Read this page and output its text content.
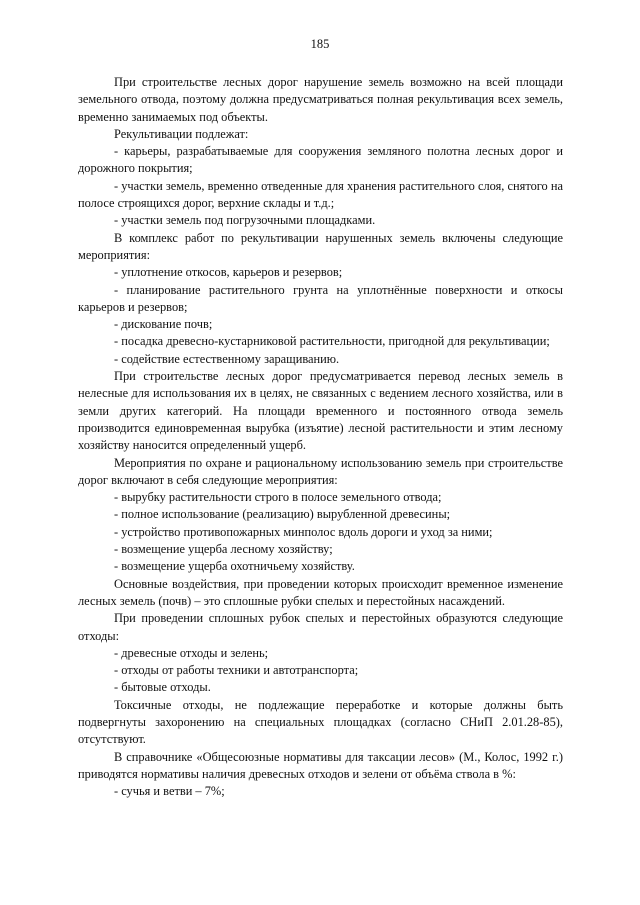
185

При строительстве лесных дорог нарушение земель возможно на всей площади земельного отвода, поэтому должна предусматриваться полная рекультивация всех земель, временно занимаемых под объекты.

Рекультивации подлежат:

- карьеры, разрабатываемые для сооружения земляного полотна лесных дорог и дорожного покрытия;

- участки земель, временно отведенные для хранения растительного слоя, снятого на полосе строящихся дорог, верхние склады и т.д.;

- участки земель под погрузочными площадками.

В комплекс работ по рекультивации нарушенных земель включены следующие мероприятия:

- уплотнение откосов, карьеров и резервов;

- планирование растительного грунта на уплотнённые поверхности и откосы карьеров и резервов;

- дискование почв;

- посадка древесно-кустарниковой растительности, пригодной для рекультивации;

- содействие естественному заращиванию.

При строительстве лесных дорог предусматривается перевод лесных земель в нелесные для использования их в целях, не связанных с ведением лесного хозяйства, или в земли других категорий. На площади временного и постоянного отвода земель производится единовременная вырубка (изъятие) лесной растительности и этим лесному хозяйству наносится определенный ущерб.

Мероприятия по охране и рациональному использованию земель при строительстве дорог включают в себя следующие мероприятия:

- вырубку растительности строго в полосе земельного отвода;

- полное использование (реализацию) вырубленной древесины;

- устройство противопожарных минполос вдоль дороги и уход за ними;

- возмещение ущерба лесному хозяйству;

- возмещение ущерба охотничьему хозяйству.

Основные воздействия, при проведении которых происходит временное изменение лесных земель (почв) – это сплошные рубки спелых и перестойных насаждений.

При проведении сплошных рубок спелых и перестойных образуются следующие отходы:

- древесные отходы и зелень;

- отходы от работы техники и автотранспорта;

- бытовые отходы.

Токсичные отходы, не подлежащие переработке и которые должны быть подвергнуты захоронению на специальных площадках (согласно СНиП 2.01.28-85), отсутствуют.

В справочнике «Общесоюзные нормативы для таксации лесов» (М., Колос, 1992 г.) приводятся нормативы наличия древесных отходов и зелени от объёма ствола в %:

- сучья и ветви – 7%;
